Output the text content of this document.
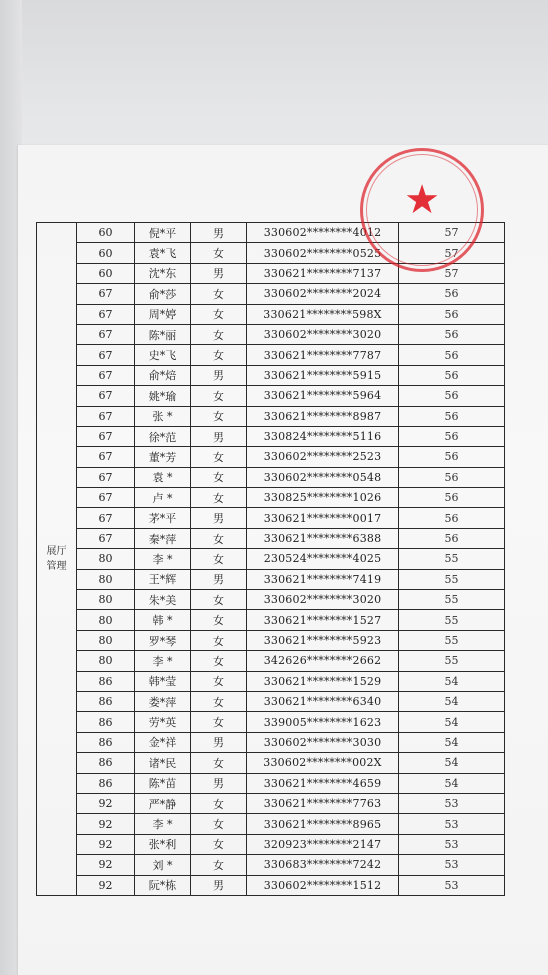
展厅
管理	60	倪*平	男	330602********4012	57
	60	袁*飞	女	330602********0525	57
	60	沈*东	男	330621********7137	57
	67	俞*莎	女	330602********2024	56
	67	周*婷	女	330621********598X	56
	67	陈*丽	女	330602********3020	56
	67	史*飞	女	330621********7787	56
	67	俞*焙	男	330621********5915	56
	67	姚*瑜	女	330621********5964	56
	67	张 *	女	330621********8987	56
	67	徐*范	男	330824********5116	56
	67	董*芳	女	330602********2523	56
	67	袁 *	女	330602********0548	56
	67	卢 *	女	330825********1026	56
	67	茅*平	男	330621********0017	56
	67	秦*萍	女	330621********6388	56
	80	李 *	女	230524********4025	55
	80	王*辉	男	330621********7419	55
	80	朱*美	女	330602********3020	55
	80	韩 *	女	330621********1527	55
	80	罗*琴	女	330621********5923	55
	80	李 *	女	342626********2662	55
	86	韩*莹	女	330621********1529	54
	86	娄*萍	女	330621********6340	54
	86	劳*英	女	339005********1623	54
	86	金*祥	男	330602********3030	54
	86	诸*民	女	330602********002X	54
	86	陈*苗	男	330621********4659	54
	92	严*静	女	330621********7763	53
	92	李 *	女	330621********8965	53
	92	张*利	女	320923********2147	53
	92	刘 *	女	330683********7242	53
	92	阮*栋	男	330602********1512	53
★
